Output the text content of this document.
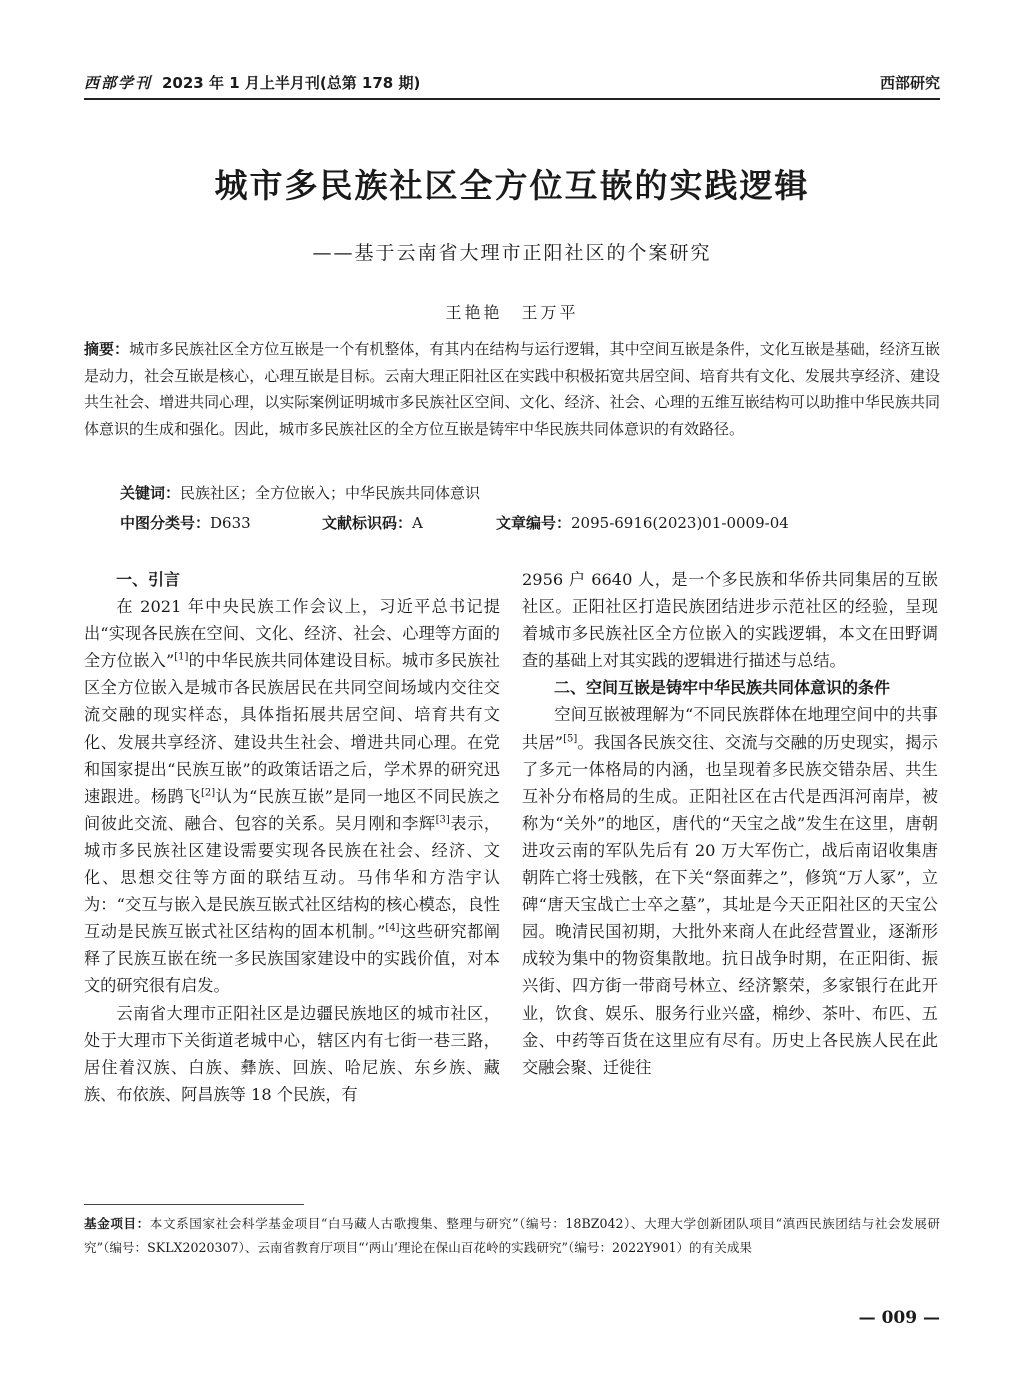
西部学刊 2023 年 1 月上半月刊(总第 178 期)	西部研究
城市多民族社区全方位互嵌的实践逻辑
——基于云南省大理市正阳社区的个案研究
王艳艳　王万平
摘要：城市多民族社区全方位互嵌是一个有机整体，有其内在结构与运行逻辑，其中空间互嵌是条件，文化互嵌是基础，经济互嵌是动力，社会互嵌是核心，心理互嵌是目标。云南大理正阳社区在实践中积极拓宽共居空间、培育共有文化、发展共享经济、建设共生社会、增进共同心理，以实际案例证明城市多民族社区空间、文化、经济、社会、心理的五维互嵌结构可以助推中华民族共同体意识的生成和强化。因此，城市多民族社区的全方位互嵌是铸牢中华民族共同体意识的有效路径。
关键词：民族社区；全方位嵌入；中华民族共同体意识
中图分类号：D633	文献标识码：A	文章编号：2095-6916(2023)01-0009-04
一、引言

在 2021 年中央民族工作会议上，习近平总书记提出“实现各民族在空间、文化、经济、社会、心理等方面的全方位嵌入”[1]的中华民族共同体建设目标。城市多民族社区全方位嵌入是城市各民族居民在共同空间场域内交往交流交融的现实样态，具体指拓展共居空间、培育共有文化、发展共享经济、建设共生社会、增进共同心理。在党和国家提出“民族互嵌”的政策话语之后，学术界的研究迅速跟进。杨鹍飞[2]认为“民族互嵌”是同一地区不同民族之间彼此交流、融合、包容的关系。吴月刚和李辉[3]表示，城市多民族社区建设需要实现各民族在社会、经济、文化、思想交往等方面的联结互动。马伟华和方浩宇认为：“交互与嵌入是民族互嵌式社区结构的核心模态，良性互动是民族互嵌式社区结构的固本机制。”[4]这些研究都阐释了民族互嵌在统一多民族国家建设中的实践价值，对本文的研究很有启发。

云南省大理市正阳社区是边疆民族地区的城市社区，处于大理市下关街道老城中心，辖区内有七街一巷三路，居住着汉族、白族、彝族、回族、哈尼族、东乡族、藏族、布依族、阿昌族等 18 个民族，有

2956 户 6640 人，是一个多民族和华侨共同集居的互嵌社区。正阳社区打造民族团结进步示范社区的经验，呈现着城市多民族社区全方位嵌入的实践逻辑，本文在田野调查的基础上对其实践的逻辑进行描述与总结。

二、空间互嵌是铸牢中华民族共同体意识的条件

空间互嵌被理解为“不同民族群体在地理空间中的共事共居”[5]。我国各民族交往、交流与交融的历史现实，揭示了多元一体格局的内涵，也呈现着多民族交错杂居、共生互补分布格局的生成。正阳社区在古代是西洱河南岸，被称为“关外”的地区，唐代的“天宝之战”发生在这里，唐朝进攻云南的军队先后有 20 万大军伤亡，战后南诏收集唐朝阵亡将士残骸，在下关“祭面葬之”，修筑“万人冢”，立碑“唐天宝战亡士卒之墓”，其址是今天正阳社区的天宝公园。晚清民国初期，大批外来商人在此经营置业，逐渐形成较为集中的物资集散地。抗日战争时期，在正阳街、振兴街、四方街一带商号林立、经济繁荣，多家银行在此开业，饮食、娱乐、服务行业兴盛，棉纱、茶叶、布匹、五金、中药等百货在这里应有尽有。历史上各民族人民在此交融会聚、迁徙往

基金项目：本文系国家社会科学基金项目“白马藏人古歌搜集、整理与研究”（编号：18BZ042）、大理大学创新团队项目“滇西民族团结与社会发展研究”（编号：SKLX2020307）、云南省教育厅项目“‘两山’理论在保山百花岭的实践研究”（编号：2022Y901）的有关成果
— 009 —
